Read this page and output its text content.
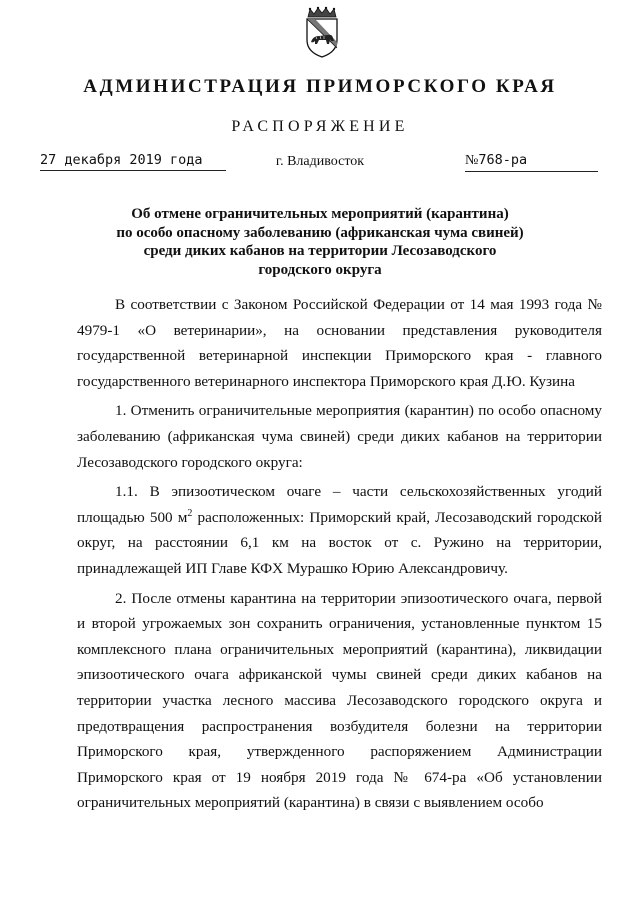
АДМИНИСТРАЦИЯ ПРИМОРСКОГО КРАЯ
РАСПОРЯЖЕНИЕ
27 декабря 2019 года	г. Владивосток	№768-ра
Об отмене ограничительных мероприятий (карантина)
по особо опасному заболеванию (африканская чума свиней)
среди диких кабанов на территории Лесозаводского
городского округа

В соответствии с Законом Российской Федерации от 14 мая 1993 года № 4979-1 «О ветеринарии», на основании представления руководителя государственной ветеринарной инспекции Приморского края - главного государственного ветеринарного инспектора Приморского края Д.Ю. Кузина

1. Отменить ограничительные мероприятия (карантин) по особо опасному заболеванию (африканская чума свиней) среди диких кабанов на территории Лесозаводского городского округа:

1.1. В эпизоотическом очаге – части сельскохозяйственных угодий площадью 500 $м^2$ расположенных: Приморский край, Лесозаводский городской округ, на расстоянии 6,1 км на восток от с. Ружино на территории, принадлежащей ИП Главе КФХ Мурашко Юрию Александровичу.

2. После отмены карантина на территории эпизоотического очага, первой и второй угрожаемых зон сохранить ограничения, установленные пунктом 15 комплексного плана ограничительных мероприятий (карантина), ликвидации эпизоотического очага африканской чумы свиней среди диких кабанов на территории участка лесного массива Лесозаводского городского округа и предотвращения распространения возбудителя болезни на территории Приморского края, утвержденного распоряжением Администрации Приморского края от 19 ноября 2019 года № 674-ра «Об установлении ограничительных мероприятий (карантина) в связи с выявлением особо
